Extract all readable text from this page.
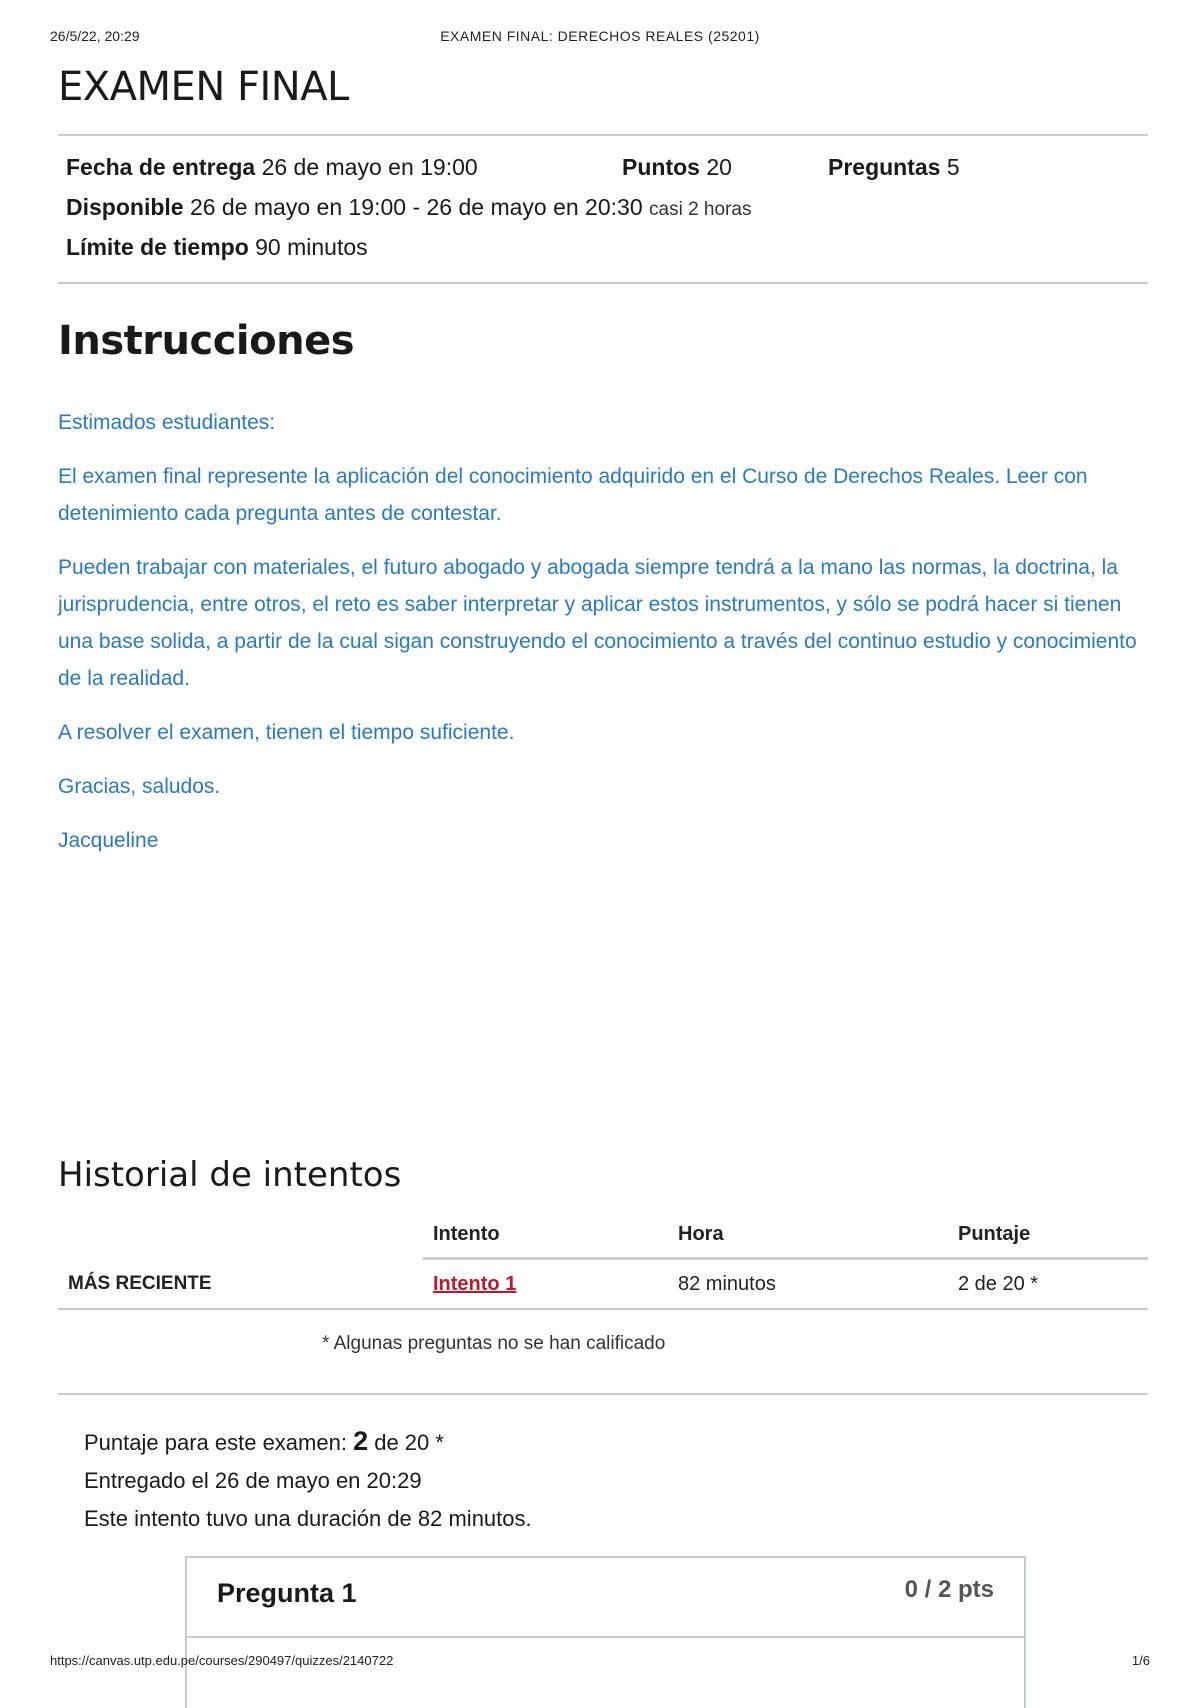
26/5/22, 20:29	EXAMEN FINAL: DERECHOS REALES (25201)
EXAMEN FINAL
Fecha de entrega 26 de mayo en 19:00	Puntos 20	Preguntas 5
Disponible 26 de mayo en 19:00 - 26 de mayo en 20:30 casi 2 horas
Límite de tiempo 90 minutos
Instrucciones

Estimados estudiantes:

El examen final represente la aplicación del conocimiento adquirido en el Curso de Derechos Reales. Leer con detenimiento cada pregunta antes de contestar.

Pueden trabajar con materiales, el futuro abogado y abogada siempre tendrá a la mano las normas, la doctrina, la jurisprudencia, entre otros, el reto es saber interpretar y aplicar estos instrumentos, y sólo se podrá hacer si tienen una base solida, a partir de la cual sigan construyendo el conocimiento a través del continuo estudio y conocimiento de la realidad.

A resolver el examen, tienen el tiempo suficiente.

Gracias, saludos.

Jacqueline

Historial de intentos
	Intento	Hora	Puntaje
MÁS RECIENTE	Intento 1	82 minutos	2 de 20 *
* Algunas preguntas no se han calificado
Puntaje para este examen: 2 de 20 *
Entregado el 26 de mayo en 20:29
Este intento tuvo una duración de 82 minutos.
Pregunta 1	0 / 2 pts
https://canvas.utp.edu.pe/courses/290497/quizzes/2140722	1/6
